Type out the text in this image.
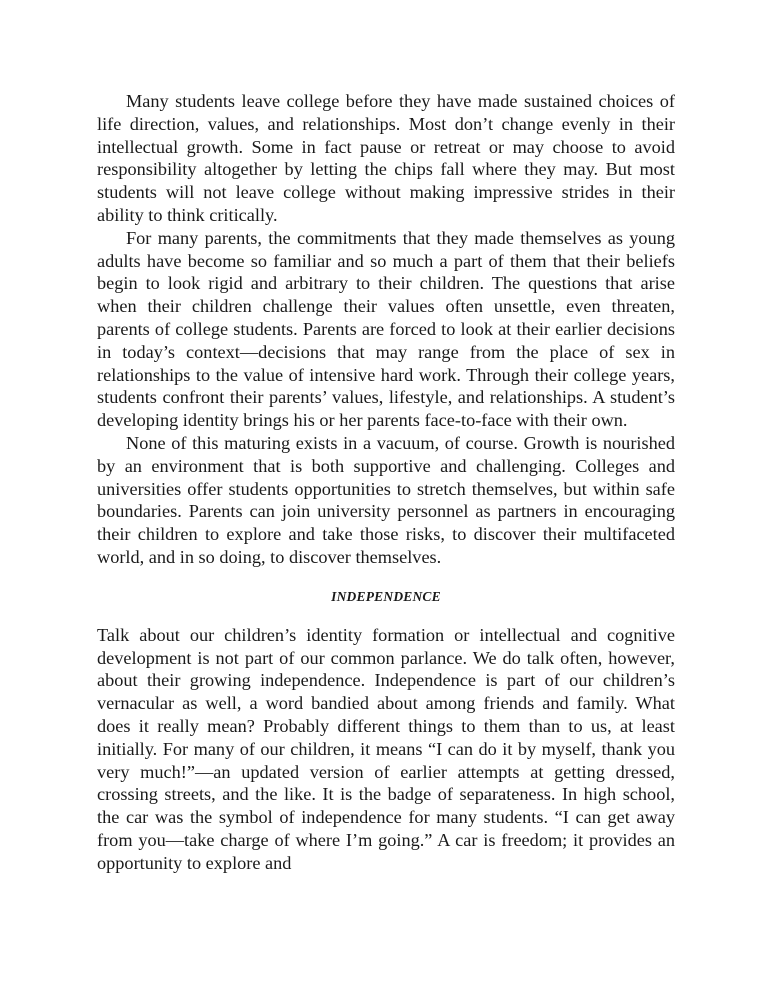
Many students leave college before they have made sustained choices of life direction, values, and relationships. Most don’t change evenly in their intellectual growth. Some in fact pause or retreat or may choose to avoid responsibility altogether by letting the chips fall where they may. But most students will not leave college without making impressive strides in their ability to think critically.

For many parents, the commitments that they made themselves as young adults have become so familiar and so much a part of them that their beliefs begin to look rigid and arbitrary to their children. The questions that arise when their children challenge their values often unsettle, even threaten, parents of college students. Parents are forced to look at their earlier decisions in today’s context—decisions that may range from the place of sex in relationships to the value of intensive hard work. Through their college years, students confront their parents’ values, lifestyle, and relationships. A student’s developing identity brings his or her parents face-to-face with their own.

None of this maturing exists in a vacuum, of course. Growth is nourished by an environment that is both supportive and challenging. Colleges and universities offer students opportunities to stretch themselves, but within safe boundaries. Parents can join university personnel as partners in encouraging their children to explore and take those risks, to discover their multifaceted world, and in so doing, to discover themselves.

INDEPENDENCE

Talk about our children’s identity formation or intellectual and cognitive development is not part of our common parlance. We do talk often, however, about their growing independence. Independence is part of our children’s vernacular as well, a word bandied about among friends and family. What does it really mean? Probably different things to them than to us, at least initially. For many of our children, it means “I can do it by myself, thank you very much!”—an updated version of earlier attempts at getting dressed, crossing streets, and the like. It is the badge of separateness. In high school, the car was the symbol of independence for many students. “I can get away from you—take charge of where I’m going.” A car is freedom; it provides an opportunity to explore and
